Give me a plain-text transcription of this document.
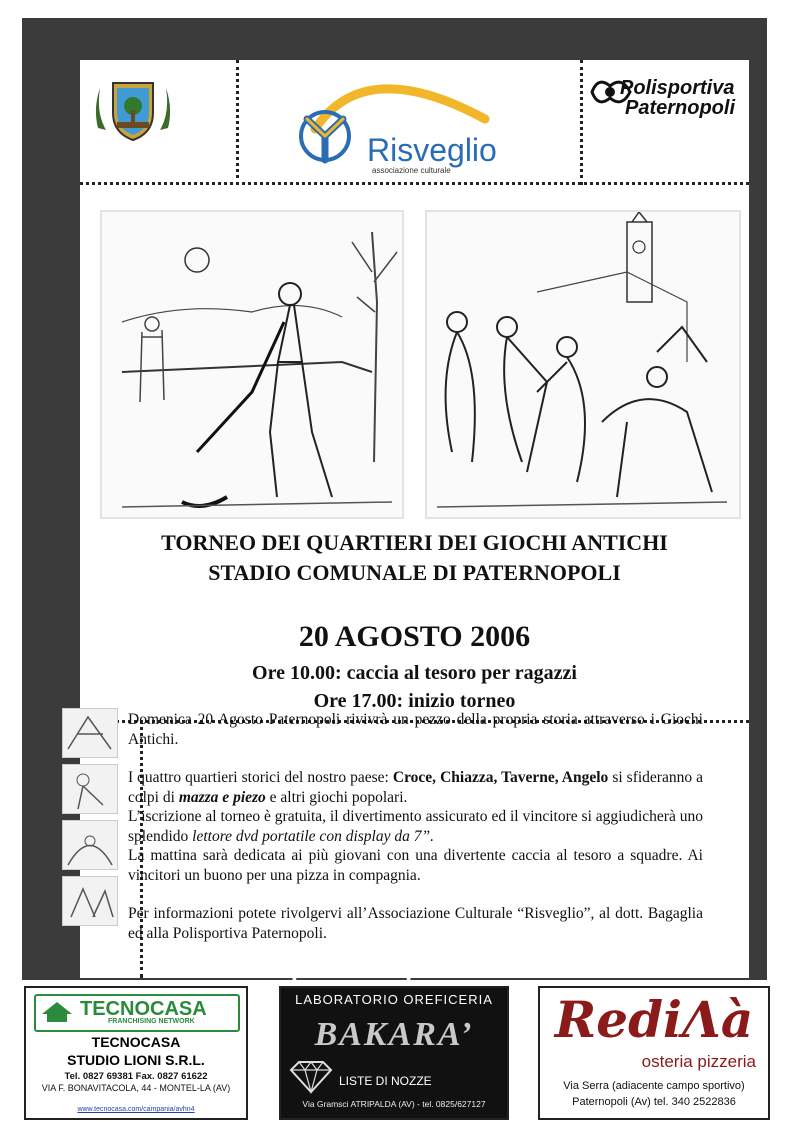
Risveglio
associazione culturale
Polisportiva
Paternopoli
TORNEO DEI QUARTIERI DEI GIOCHI ANTICHI
STADIO COMUNALE DI PATERNOPOLI
20 AGOSTO 2006
Ore 10.00: caccia al tesoro per ragazzi
Ore 17.00: inizio torneo

Domenica 20 Agosto Paternopoli rivivrà un pezzo della propria storia attraverso i Giochi Antichi.

I quattro quartieri storici del nostro paese: Croce, Chiazza, Taverne, Angelo si sfideranno a colpi di mazza e piezo e altri giochi popolari.

L’iscrizione al torneo è gratuita, il divertimento assicurato ed il vincitore si aggiudicherà uno splendido lettore dvd portatile con display da 7”.

La mattina sarà dedicata ai più giovani con una divertente caccia al tesoro a squadre. Ai vincitori un buono per una pizza in compagnia.

Per informazioni potete rivolgervi all’Associazione Culturale “Risveglio”, al dott. Bagaglia ed alla Polisportiva Paternopoli.

www.paternopolionline.it
TECNOCASA
FRANCHISING NETWORK
TECNOCASA
STUDIO LIONI S.R.L.
Tel. 0827 69381 Fax. 0827 61622
VIA F. BONAVITACOLA, 44 - MONTEL-LA (AV)
www.tecnocasa.com/campania/avhn4
LABORATORIO OREFICERIA
BAKARA’
LISTE DI NOZZE
Via Gramsci ATRIPALDA (AV) - tel. 0825/627127
RediΛà
osteria pizzeria
Via Serra (adiacente campo sportivo)
Paternopoli (Av) tel. 340 2522836
